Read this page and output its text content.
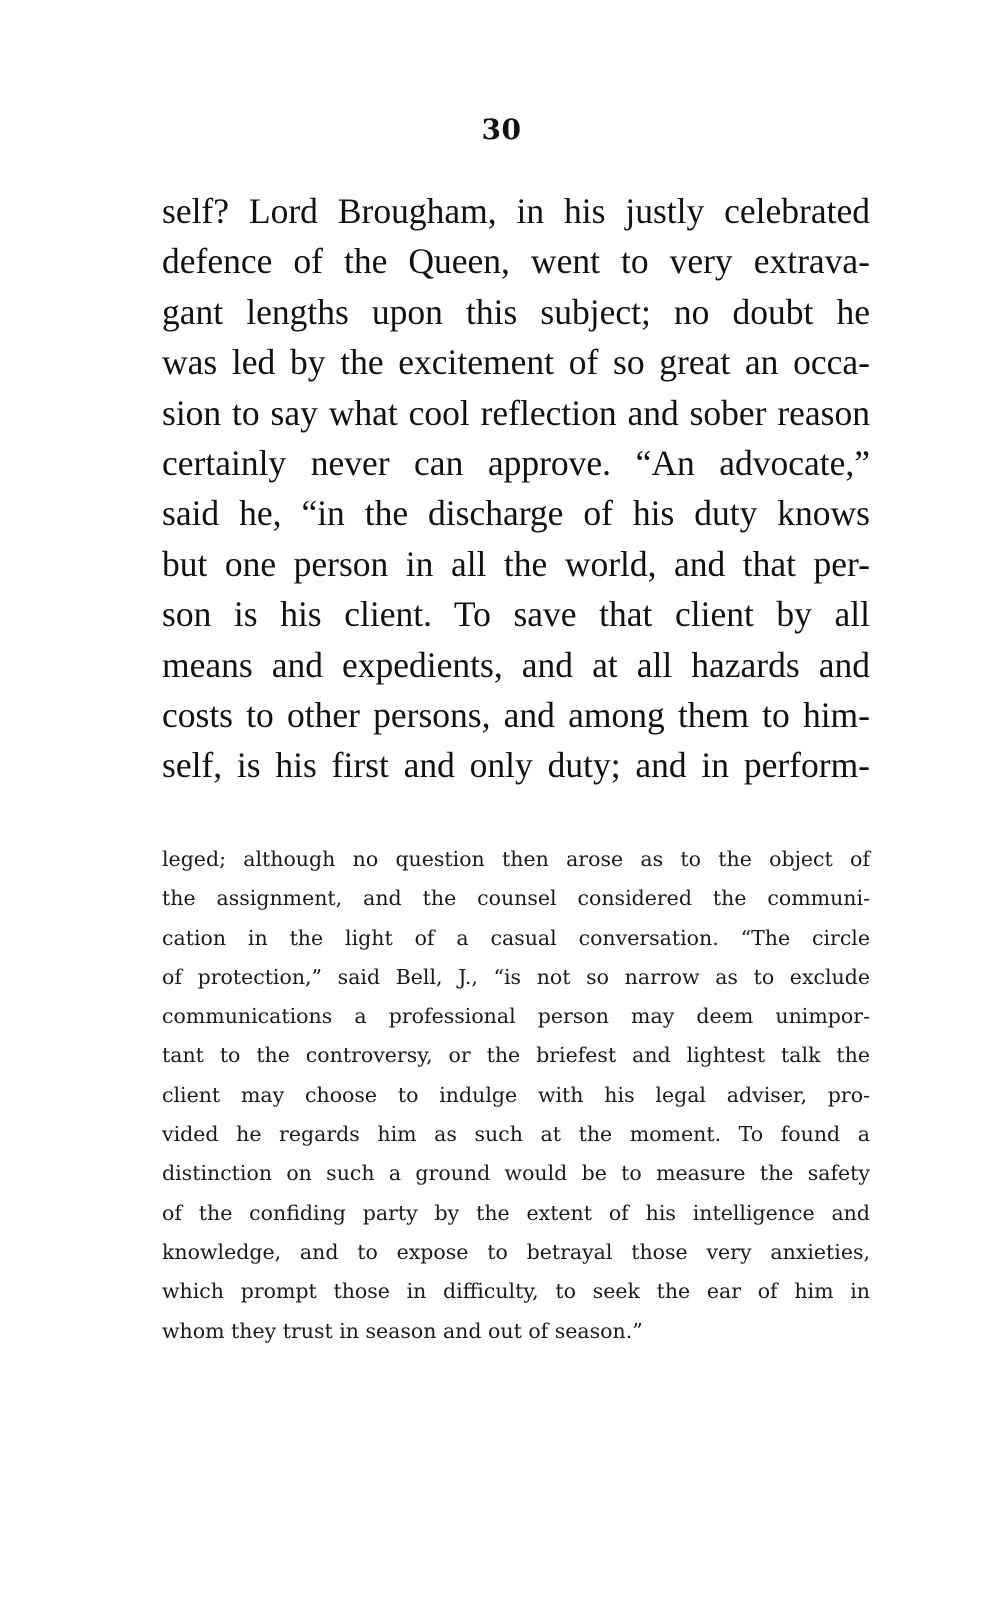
30
self? Lord Brougham, in his justly celebrated
defence of the Queen, went to very extrava-
gant lengths upon this subject; no doubt he
was led by the excitement of so great an occa-
sion to say what cool reflection and sober reason
certainly never can approve. “An advocate,”
said he, “in the discharge of his duty knows
but one person in all the world, and that per-
son is his client. To save that client by all
means and expedients, and at all hazards and
costs to other persons, and among them to him-
self, is his first and only duty; and in perform-
leged; although no question then arose as to the object of
the assignment, and the counsel considered the communi-
cation in the light of a casual conversation. “The circle
of protection,” said Bell, J., “is not so narrow as to exclude
communications a professional person may deem unimpor-
tant to the controversy, or the briefest and lightest talk the
client may choose to indulge with his legal adviser, pro-
vided he regards him as such at the moment. To found a
distinction on such a ground would be to measure the safety
of the confiding party by the extent of his intelligence and
knowledge, and to expose to betrayal those very anxieties,
which prompt those in difficulty, to seek the ear of him in
whom they trust in season and out of season.”
